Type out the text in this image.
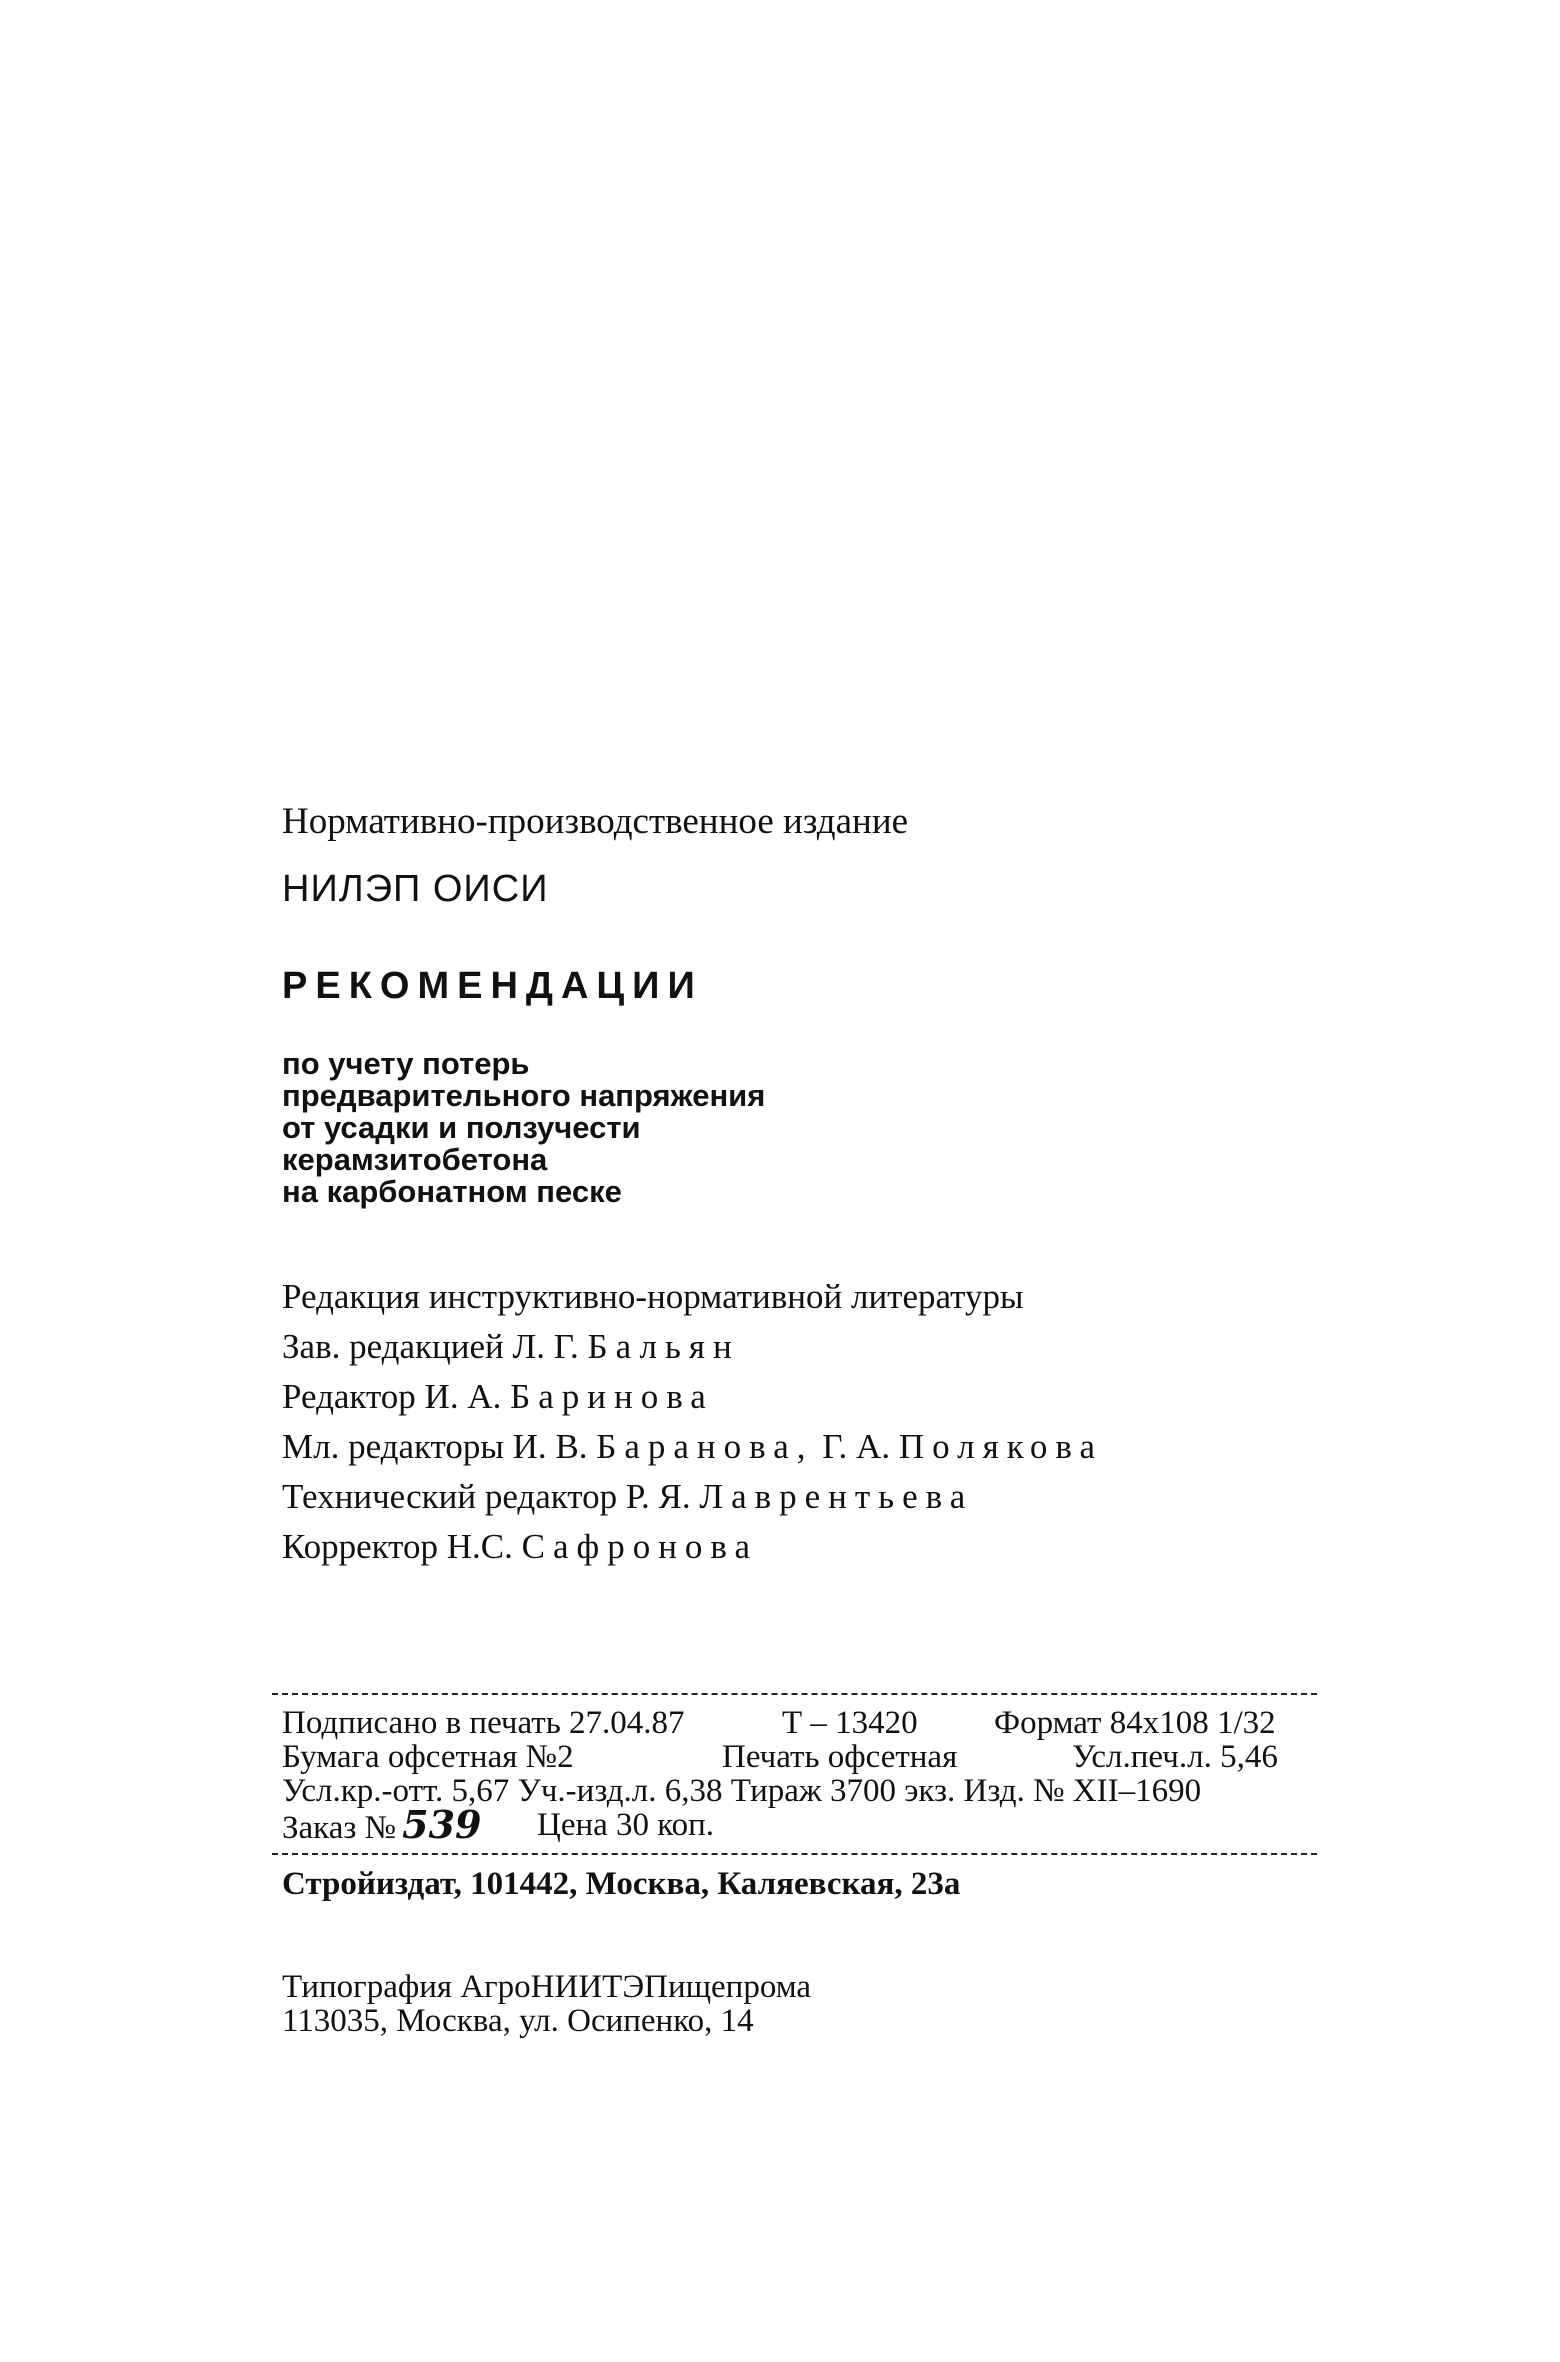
Нормативно-производственное издание
НИЛЭП ОИСИ
РЕКОМЕНДАЦИИ
по учету потерь
предварительного напряжения
от усадки и ползучести
керамзитобетона
на карбонатном песке
Редакция инструктивно-нормативной литературы
Зав. редакцией Л. Г. Бальян
Редактор И. А. Баринова
Мл. редакторы И. В. Баранова, Г. А. Полякова
Технический редактор Р. Я. Лаврентьева
Корректор Н.С. Сафронова
Подписано в печать 27.04.87	Т – 13420 Формат 84х108 1/32
Бумага офсетная №2	Печать офсетная	Усл.печ.л. 5,46
Усл.кр.-отт. 5,67 Уч.-изд.л. 6,38 Тираж 3700 экз. Изд. № XII–1690
Заказ № 539 Цена 30 коп.
Стройиздат, 101442, Москва, Каляевская, 23а
Типография АгроНИИТЭПищепрома
113035, Москва, ул. Осипенко, 14
